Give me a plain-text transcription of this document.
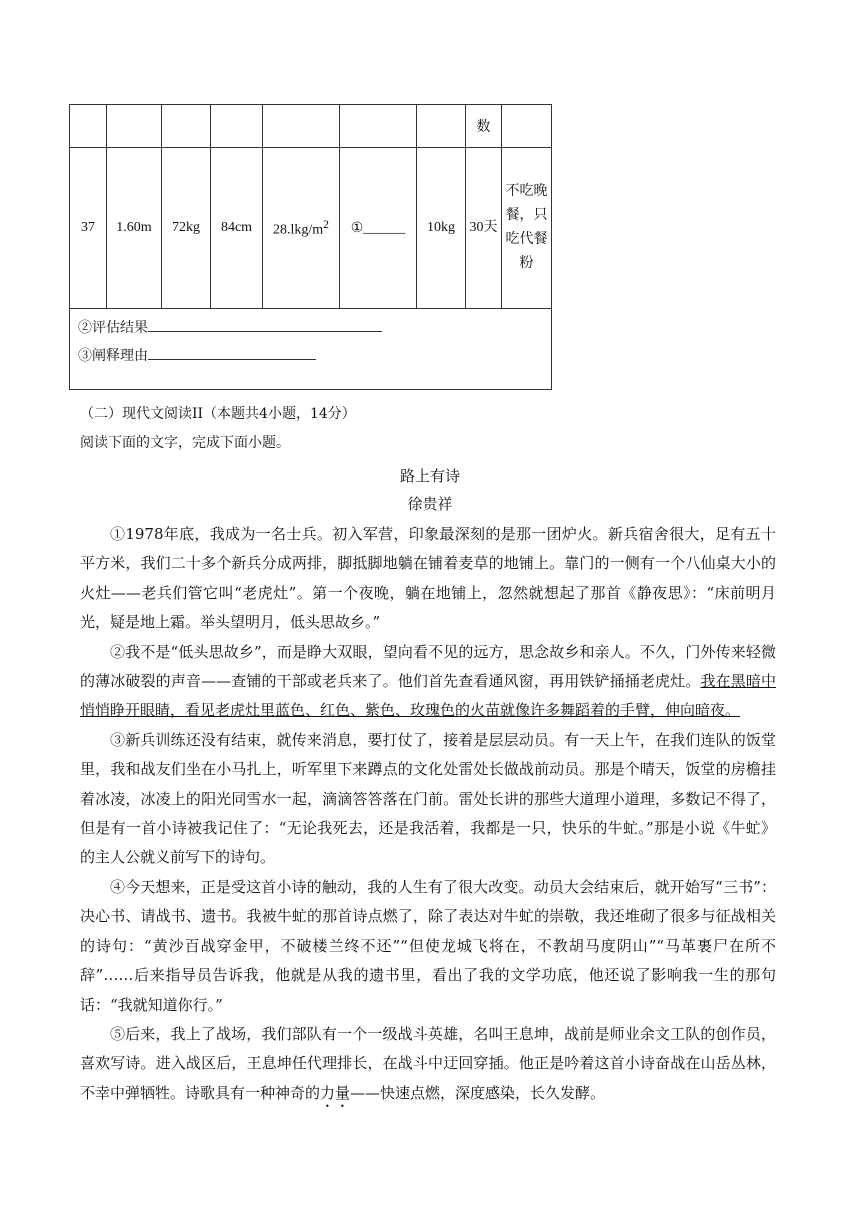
							数	
37	1.60m	72kg	84cm	$28.lkg/m^2$	①______	10kg	30天	不吃晚餐，只吃代餐粉

②评估结果
③阐释理由								
（二）现代文阅读II（本题共4小题，14分）
阅读下面的文字，完成下面小题。
路上有诗
徐贵祥

①1978年底，我成为一名士兵。初入军营，印象最深刻的是那一团炉火。新兵宿舍很大，足有五十平方米，我们二十多个新兵分成两排，脚抵脚地躺在铺着麦草的地铺上。靠门的一侧有一个八仙桌大小的火灶——老兵们管它叫“老虎灶”。第一个夜晚，躺在地铺上，忽然就想起了那首《静夜思》：“床前明月光，疑是地上霜。举头望明月，低头思故乡。”

②我不是“低头思故乡”，而是睁大双眼，望向看不见的远方，思念故乡和亲人。不久，门外传来轻微的薄冰破裂的声音——查铺的干部或老兵来了。他们首先查看通风窗，再用铁铲捅捅老虎灶。我在黑暗中悄悄睁开眼睛，看见老虎灶里蓝色、红色、紫色、玫瑰色的火苗就像许多舞蹈着的手臂，伸向暗夜。

③新兵训练还没有结束，就传来消息，要打仗了，接着是层层动员。有一天上午，在我们连队的饭堂里，我和战友们坐在小马扎上，听军里下来蹲点的文化处雷处长做战前动员。那是个晴天，饭堂的房檐挂着冰凌，冰凌上的阳光同雪水一起，滴滴答答落在门前。雷处长讲的那些大道理小道理，多数记不得了，但是有一首小诗被我记住了：“无论我死去，还是我活着，我都是一只，快乐的牛虻。”那是小说《牛虻》的主人公就义前写下的诗句。

④今天想来，正是受这首小诗的触动，我的人生有了很大改变。动员大会结束后，就开始写“三书”：决心书、请战书、遗书。我被牛虻的那首诗点燃了，除了表达对牛虻的崇敬，我还堆砌了很多与征战相关的诗句：“黄沙百战穿金甲，不破楼兰终不还”“但使龙城飞将在，不教胡马度阴山”“马革裹尸在所不辞”……后来指导员告诉我，他就是从我的遗书里，看出了我的文学功底，他还说了影响我一生的那句话：“我就知道你行。”

⑤后来，我上了战场，我们部队有一个一级战斗英雄，名叫王息坤，战前是师业余文工队的创作员，喜欢写诗。进入战区后，王息坤任代理排长，在战斗中迂回穿插。他正是吟着这首小诗奋战在山岳丛林，不幸中弹牺牲。诗歌具有一种神奇的力量——快速点燃，深度感染，长久发酵。
